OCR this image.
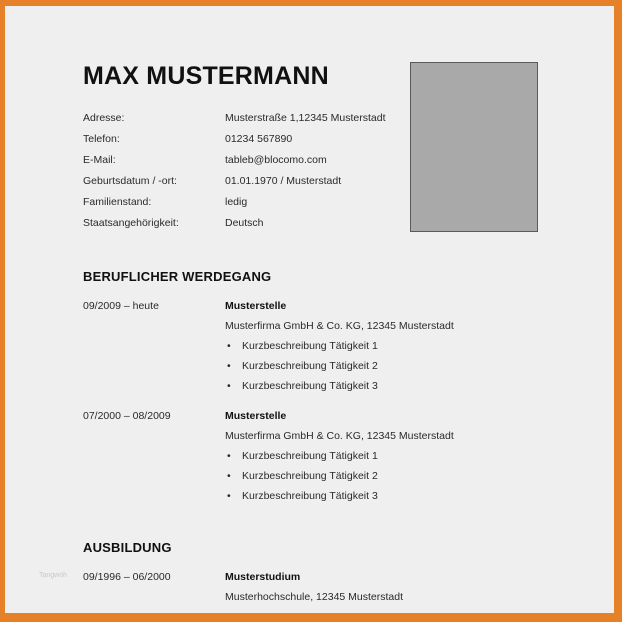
MAX MUSTERMANN
Adresse:	Musterstraße 1,12345 Musterstadt
Telefon:	01234 567890
E-Mail:	tableb@blocomo.com
Geburtsdatum / -ort:	01.01.1970 / Musterstadt
Familienstand:	ledig
Staatsangehörigkeit:	Deutsch
BERUFLICHER WERDEGANG
09/2009 – heute	Musterstelle
Musterfirma GmbH & Co. KG, 12345 Musterstadt
• Kurzbeschreibung Tätigkeit 1
• Kurzbeschreibung Tätigkeit 2
• Kurzbeschreibung Tätigkeit 3
07/2000 – 08/2009	Musterstelle
Musterfirma GmbH & Co. KG, 12345 Musterstadt
• Kurzbeschreibung Tätigkeit 1
• Kurzbeschreibung Tätigkeit 2
• Kurzbeschreibung Tätigkeit 3
AUSBILDUNG
09/1996 – 06/2000	Musterstudium
Musterhochschule, 12345 Musterstadt
Tangwoh
